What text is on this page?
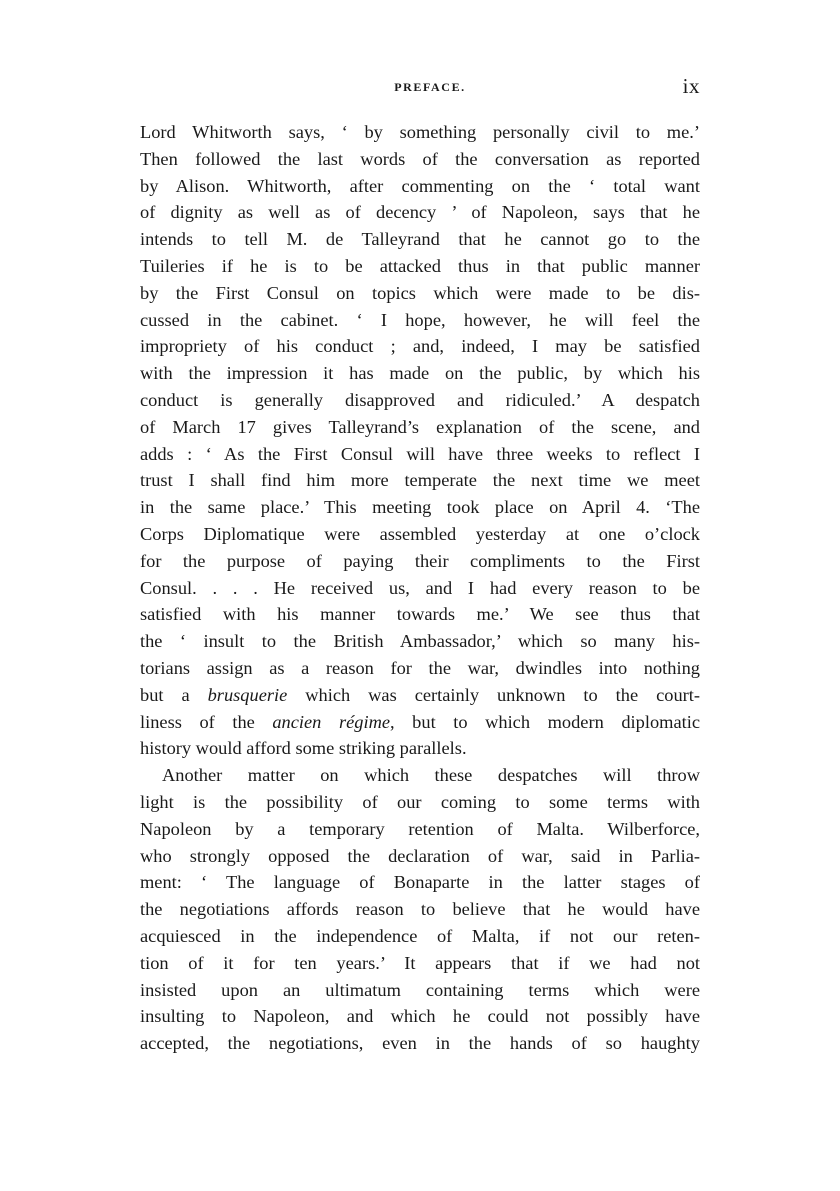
PREFACE.	ix

Lord Whitworth says, ‘ by something personally civil to me.’
Then followed the last words of the conversation as reported
by Alison. Whitworth, after commenting on the ‘ total want
of dignity as well as of decency ’ of Napoleon, says that he
intends to tell M. de Talleyrand that he cannot go to the
Tuileries if he is to be attacked thus in that public manner
by the First Consul on topics which were made to be dis-
cussed in the cabinet. ‘ I hope, however, he will feel the
impropriety of his conduct ; and, indeed, I may be satisfied
with the impression it has made on the public, by which his
conduct is generally disapproved and ridiculed.’ A despatch
of March 17 gives Talleyrand’s explanation of the scene, and
adds : ‘ As the First Consul will have three weeks to reflect I
trust I shall find him more temperate the next time we meet
in the same place.’ This meeting took place on April 4. ‘The
Corps Diplomatique were assembled yesterday at one o’clock
for the purpose of paying their compliments to the First
Consul. . . . He received us, and I had every reason to be
satisfied with his manner towards me.’ We see thus that
the ‘ insult to the British Ambassador,’ which so many his-
torians assign as a reason for the war, dwindles into nothing
but a brusquerie which was certainly unknown to the court-
liness of the ancien régime, but to which modern diplomatic
history would afford some striking parallels.

Another matter on which these despatches will throw
light is the possibility of our coming to some terms with
Napoleon by a temporary retention of Malta. Wilberforce,
who strongly opposed the declaration of war, said in Parlia-
ment: ‘ The language of Bonaparte in the latter stages of
the negotiations affords reason to believe that he would have
acquiesced in the independence of Malta, if not our reten-
tion of it for ten years.’ It appears that if we had not
insisted upon an ultimatum containing terms which were
insulting to Napoleon, and which he could not possibly have
accepted, the negotiations, even in the hands of so haughty
